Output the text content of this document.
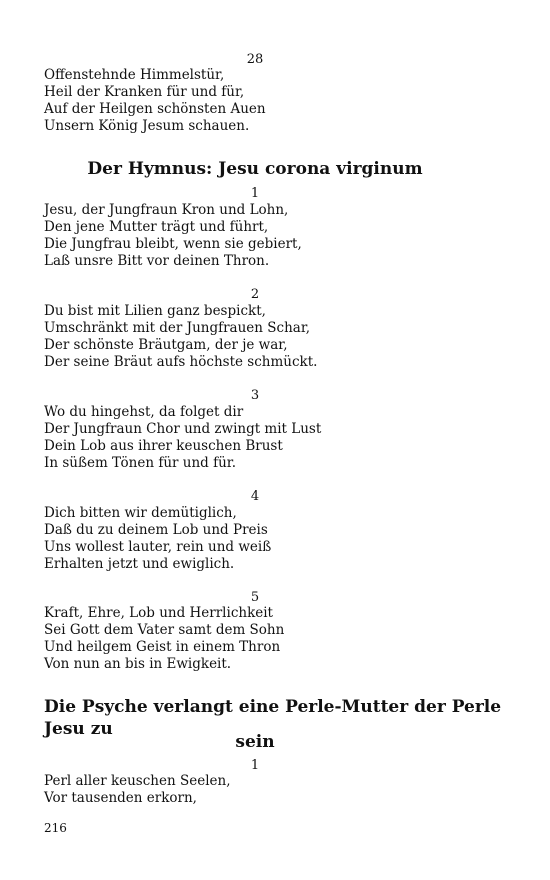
28
Offenstehnde Himmelstür,
Heil der Kranken für und für,
Auf der Heilgen schönsten Auen
Unsern König Jesum schauen.
Der Hymnus: Jesu corona virginum
1
Jesu, der Jungfraun Kron und Lohn,
Den jene Mutter trägt und führt,
Die Jungfrau bleibt, wenn sie gebiert,
Laß unsre Bitt vor deinen Thron.
2
Du bist mit Lilien ganz bespickt,
Umschränkt mit der Jungfrauen Schar,
Der schönste Bräutgam, der je war,
Der seine Bräut aufs höchste schmückt.
3
Wo du hingehst, da folget dir
Der Jungfraun Chor und zwingt mit Lust
Dein Lob aus ihrer keuschen Brust
In süßem Tönen für und für.
4
Dich bitten wir demütiglich,
Daß du zu deinem Lob und Preis
Uns wollest lauter, rein und weiß
Erhalten jetzt und ewiglich.
5
Kraft, Ehre, Lob und Herrlichkeit
Sei Gott dem Vater samt dem Sohn
Und heilgem Geist in einem Thron
Von nun an bis in Ewigkeit.
Die Psyche verlangt eine Perle-Mutter der Perle Jesu zu
sein
1
Perl aller keuschen Seelen,
Vor tausenden erkorn,
216
